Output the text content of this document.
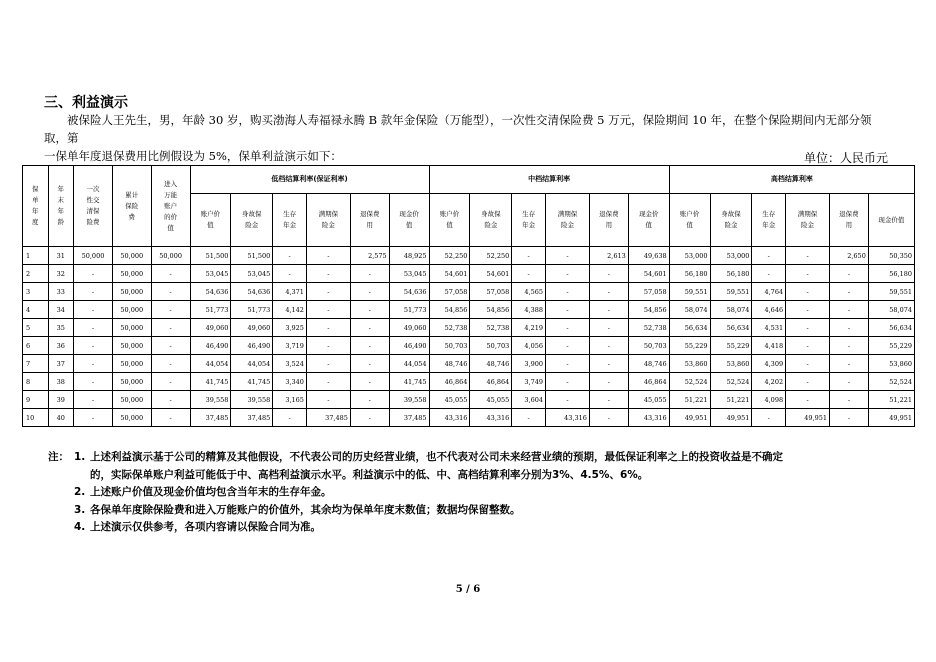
三、利益演示

被保险人王先生，男，年龄 30 岁，购买渤海人寿福禄永腾 B 款年金保险（万能型），一次性交清保险费 5 万元，保险期间 10 年，在整个保险期间内无部分领取，第

一保单年度退保费用比例假设为 5%，保单利益演示如下：	单位：人民币元
保单年度	年末年龄	一次性交清保险费	累计保险费	进入万能账户的价值	低档结算利率(保证利率)						中档结算利率						高档结算利率					
					账户价值	身故保险金	生存年金	满期保险金	退保费用	现金价值	账户价值	身故保险金	生存年金	满期保险金	退保费用	现金价值	账户价值	身故保险金	生存年金	满期保险金	退保费用	现金价值
1	31	50,000	50,000	50,000	51,500	51,500	-	-	2,575	48,925	52,250	52,250	-	-	2,613	49,638	53,000	53,000	-	-	2,650	50,350
2	32	-	50,000	-	53,045	53,045	-	-	-	53,045	54,601	54,601	-	-	-	54,601	56,180	56,180	-	-	-	56,180
3	33	-	50,000	-	54,636	54,636	4,371	-	-	54,636	57,058	57,058	4,565	-	-	57,058	59,551	59,551	4,764	-	-	59,551
4	34	-	50,000	-	51,773	51,773	4,142	-	-	51,773	54,856	54,856	4,388	-	-	54,856	58,074	58,074	4,646	-	-	58,074
5	35	-	50,000	-	49,060	49,060	3,925	-	-	49,060	52,738	52,738	4,219	-	-	52,738	56,634	56,634	4,531	-	-	56,634
6	36	-	50,000	-	46,490	46,490	3,719	-	-	46,490	50,703	50,703	4,056	-	-	50,703	55,229	55,229	4,418	-	-	55,229
7	37	-	50,000	-	44,054	44,054	3,524	-	-	44,054	48,746	48,746	3,900	-	-	48,746	53,860	53,860	4,309	-	-	53,860
8	38	-	50,000	-	41,745	41,745	3,340	-	-	41,745	46,864	46,864	3,749	-	-	46,864	52,524	52,524	4,202	-	-	52,524
9	39	-	50,000	-	39,558	39,558	3,165	-	-	39,558	45,055	45,055	3,604	-	-	45,055	51,221	51,221	4,098	-	-	51,221
10	40	-	50,000	-	37,485	37,485	-	37,485	-	37,485	43,316	43,316	-	43,316	-	43,316	49,951	49,951	-	49,951	-	49,951
注： 1. 上述利益演示基于公司的精算及其他假设，不代表公司的历史经营业绩，也不代表对公司未来经营业绩的预期，最低保证利率之上的投资收益是不确定
的，实际保单账户利益可能低于中、高档利益演示水平。利益演示中的低、中、高档结算利率分别为3%、4.5%、6%。
2. 上述账户价值及现金价值均包含当年末的生存年金。
3. 各保单年度除保险费和进入万能账户的价值外，其余均为保单年度末数值；数据均保留整数。
4. 上述演示仅供参考，各项内容请以保险合同为准。
5 / 6
